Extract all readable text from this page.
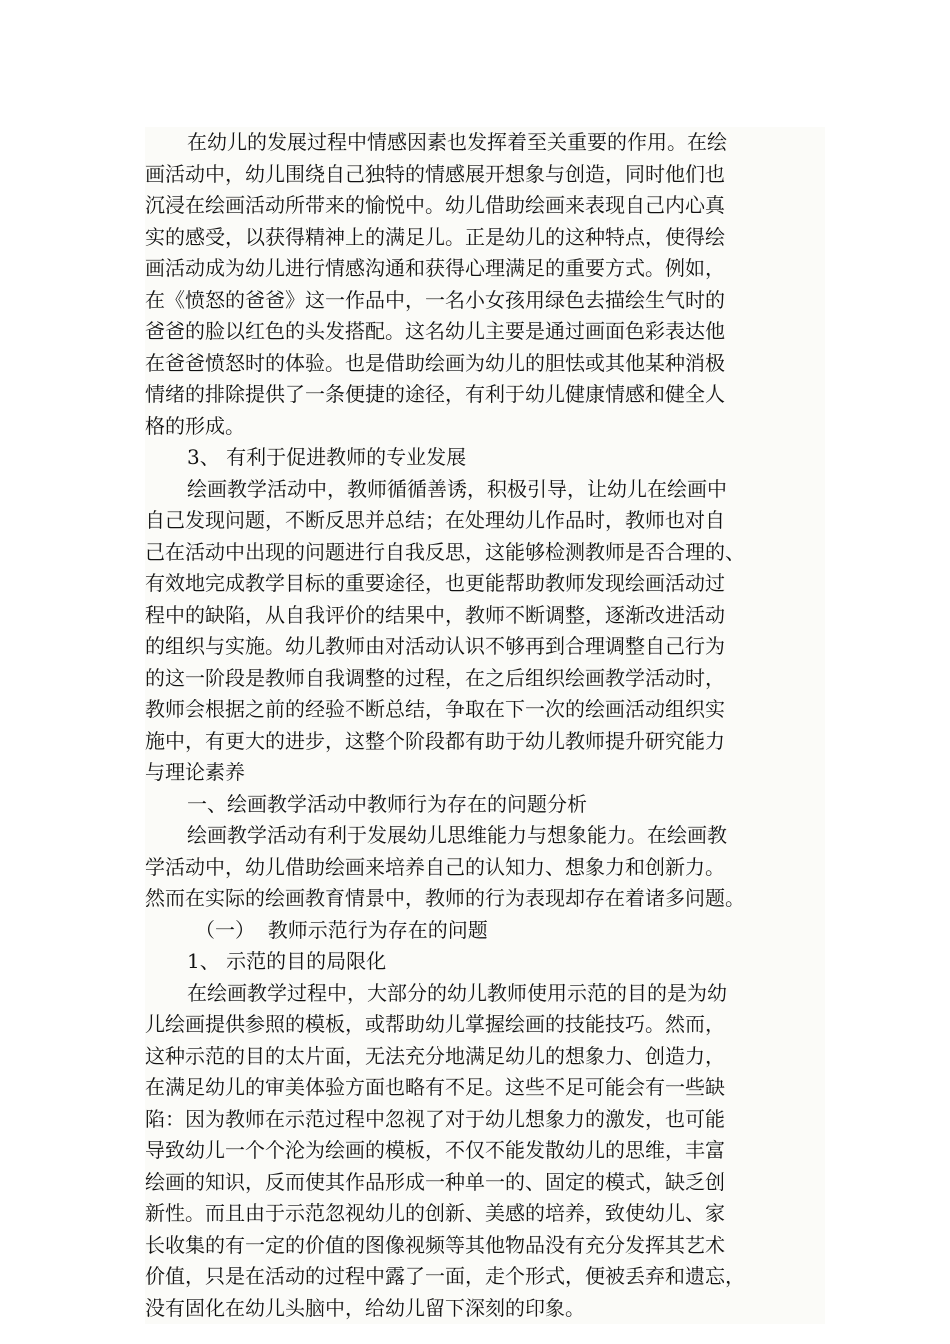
在幼儿的发展过程中情感因素也发挥着至关重要的作用。在绘
画活动中，幼儿围绕自己独特的情感展开想象与创造，同时他们也
沉浸在绘画活动所带来的愉悦中。幼儿借助绘画来表现自己内心真
实的感受，以获得精神上的满足儿。正是幼儿的这种特点，使得绘
画活动成为幼儿进行情感沟通和获得心理满足的重要方式。例如，
在《愤怒的爸爸》这一作品中，一名小女孩用绿色去描绘生气时的
爸爸的脸以红色的头发搭配。这名幼儿主要是通过画面色彩表达他
在爸爸愤怒时的体验。也是借助绘画为幼儿的胆怯或其他某种消极
情绪的排除提供了一条便捷的途径，有利于幼儿健康情感和健全人
格的形成。
3、 有利于促进教师的专业发展
绘画教学活动中，教师循循善诱，积极引导，让幼儿在绘画中
自己发现问题，不断反思并总结；在处理幼儿作品时，教师也对自
己在活动中出现的问题进行自我反思，这能够检测教师是否合理的、
有效地完成教学目标的重要途径，也更能帮助教师发现绘画活动过
程中的缺陷，从自我评价的结果中，教师不断调整，逐渐改进活动
的组织与实施。幼儿教师由对活动认识不够再到合理调整自己行为
的这一阶段是教师自我调整的过程，在之后组织绘画教学活动时，
教师会根据之前的经验不断总结，争取在下一次的绘画活动组织实
施中，有更大的进步，这整个阶段都有助于幼儿教师提升研究能力
与理论素养
一、绘画教学活动中教师行为存在的问题分析
绘画教学活动有利于发展幼儿思维能力与想象能力。在绘画教
学活动中，幼儿借助绘画来培养自己的认知力、想象力和创新力。
然而在实际的绘画教育情景中，教师的行为表现却存在着诸多问题。
（一）  教师示范行为存在的问题
1、 示范的目的局限化
在绘画教学过程中，大部分的幼儿教师使用示范的目的是为幼
儿绘画提供参照的模板，或帮助幼儿掌握绘画的技能技巧。然而，
这种示范的目的太片面，无法充分地满足幼儿的想象力、创造力，
在满足幼儿的审美体验方面也略有不足。这些不足可能会有一些缺
陷：因为教师在示范过程中忽视了对于幼儿想象力的激发，也可能
导致幼儿一个个沦为绘画的模板，不仅不能发散幼儿的思维，丰富
绘画的知识，反而使其作品形成一种单一的、固定的模式，缺乏创
新性。而且由于示范忽视幼儿的创新、美感的培养，致使幼儿、家
长收集的有一定的价值的图像视频等其他物品没有充分发挥其艺术
价值，只是在活动的过程中露了一面，走个形式，便被丢弃和遗忘，
没有固化在幼儿头脑中，给幼儿留下深刻的印象。
